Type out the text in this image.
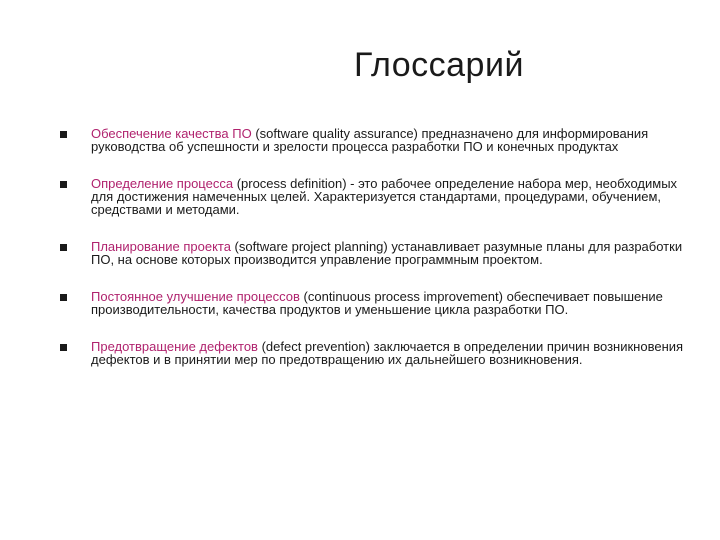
Глоссарий
Обеспечение качества ПО (software quality assurance) предназначено для информирования руководства об успешности и зрелости процесса разработки ПО и конечных продуктах
Определение процесса (process definition) - это рабочее определение набора мер, необходимых для достижения намеченных целей. Характеризуется стандартами, процедурами, обучением, средствами и методами.
Планирование проекта (software project planning) устанавливает разумные планы для разработки ПО, на основе которых производится управление программным проектом.
Постоянное улучшение процессов (continuous process improvement) обеспечивает повышение производительности, качества продуктов и уменьшение цикла разработки ПО.
Предотвращение дефектов (defect prevention) заключается в определении причин возникновения дефектов и в принятии мер по предотвращению их дальнейшего возникновения.
